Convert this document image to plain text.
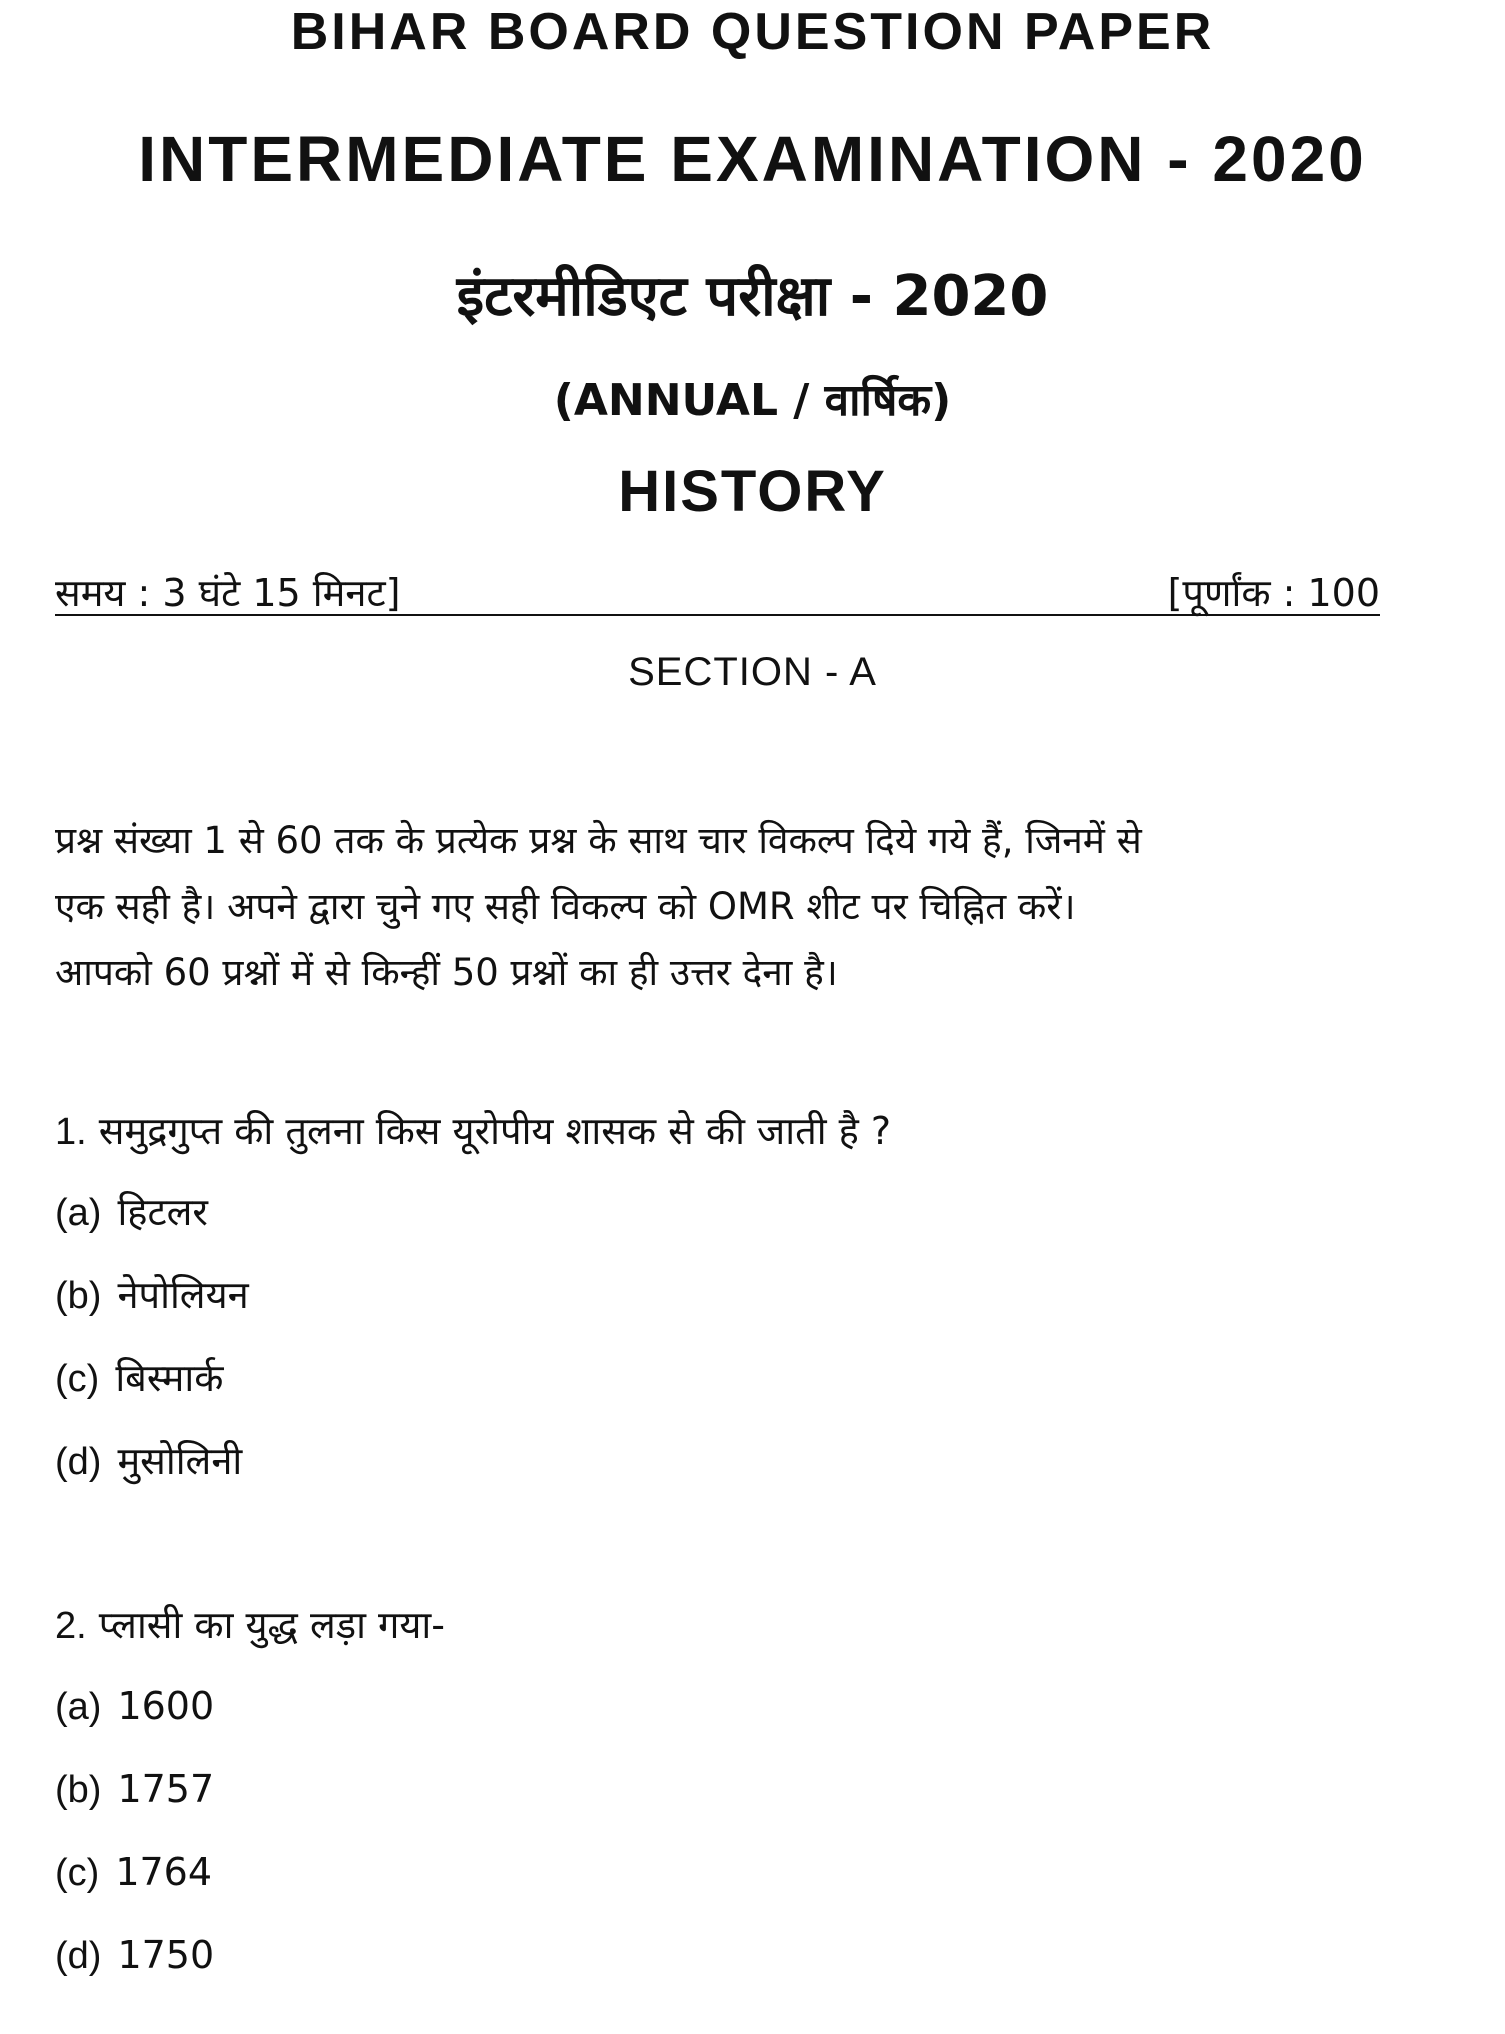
BIHAR BOARD QUESTION PAPER
INTERMEDIATE EXAMINATION - 2020
इंटरमीडिएट परीक्षा - 2020
(ANNUAL / वार्षिक)
HISTORY
समय : 3 घंटे 15 मिनट]	[पूर्णांक : 100
SECTION - A
प्रश्न संख्या 1 से 60 तक के प्रत्येक प्रश्न के साथ चार विकल्प दिये गये हैं, जिनमें से
एक सही है। अपने द्वारा चुने गए सही विकल्प को OMR शीट पर चिह्नित करें।
आपको 60 प्रश्नों में से किन्हीं 50 प्रश्नों का ही उत्तर देना है।
1. समुद्रगुप्त की तुलना किस यूरोपीय शासक से की जाती है ?
(a) हिटलर
(b) नेपोलियन
(c) बिस्मार्क
(d) मुसोलिनी
2. प्लासी का युद्ध लड़ा गया-
(a) 1600
(b) 1757
(c) 1764
(d) 1750
